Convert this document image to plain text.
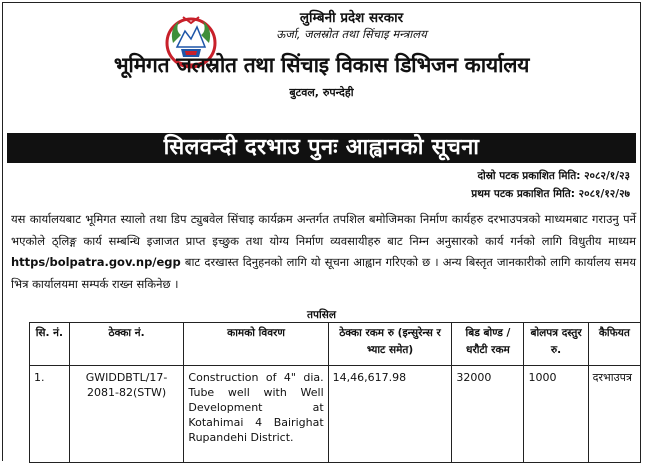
लुम्बिनी प्रदेश सरकार
ऊर्जा, जलस्रोत तथा सिंचाइ मन्त्रालय
भूमिगत जलस्रोत तथा सिंचाइ विकास डिभिजन कार्यालय
बुटवल, रुपन्देही
सिलवन्दी दरभाउ पुनः आह्वानको सूचना
दोस्रो पटक प्रकाशित मिति: २०८२/१/२३
प्रथम पटक प्रकाशित मिति: २०८१/१२/२७
यस कार्यालयबाट भूमिगत स्यालो तथा डिप ट्युबवेल सिंचाइ कार्यक्रम अन्तर्गत तपशिल बमोजिमका निर्माण कार्यहरु दरभाउपत्रको माध्यमबाट गराउनु पर्ने भएकोले ठ्लिङ्ग कार्य सम्बन्धि इजाजत प्राप्त इच्छुक तथा योग्य निर्माण व्यवसायीहरु बाट निम्न अनुसारको कार्य गर्नको लागि विधुतीय माध्यम https/bolpatra.gov.np/egp बाट दरखास्त दिनुहनको लागि यो सूचना आह्वान गरिएको छ । अन्य बिस्तृत जानकारीको लागि कार्यालय समय भित्र कार्यालयमा सम्पर्क राख्न सकिनेछ ।
तपसिल
सि. नं.	ठेक्का नं.	कामको विवरण	ठेक्का रकम रु (इन्सुरेन्स र भ्याट समेत)	बिड बोण्ड / धरौटी रकम	बोलपत्र दस्तुर रु.	कैफियत
1.	GWIDDBTL/17-2081-82(STW)	Construction of 4" dia. Tube well with Well Development at Kotahimai 4 Bairighat Rupandehi District.	14,46,617.98	32000	1000	दरभाउपत्र
